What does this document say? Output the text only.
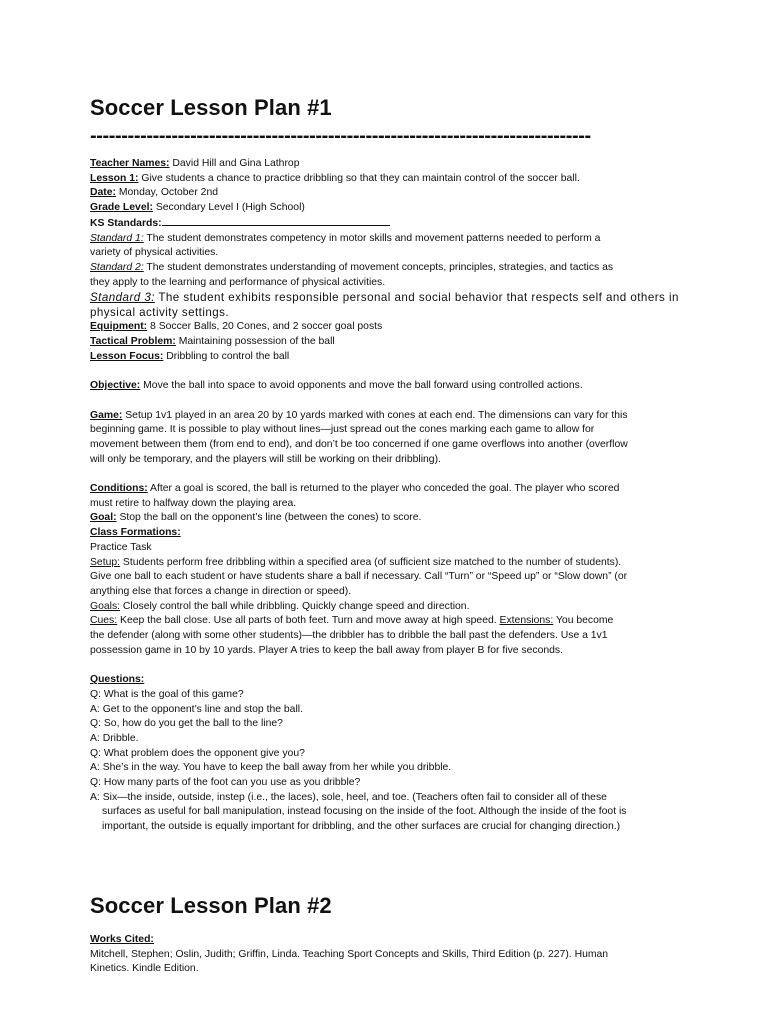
Soccer Lesson Plan #1
--------------------------------------------------------------------------------
Teacher Names: David Hill and Gina Lathrop
Lesson 1: Give students a chance to practice dribbling so that they can maintain control of the soccer ball.
Date: Monday, October 2nd
Grade Level: Secondary Level I (High School)
KS Standards:
Standard 1: The student demonstrates competency in motor skills and movement patterns needed to perform a
variety of physical activities.
Standard 2: The student demonstrates understanding of movement concepts, principles, strategies, and tactics as
they apply to the learning and performance of physical activities.
Standard 3: The student exhibits responsible personal and social behavior that respects self and others in
physical activity settings.
Equipment: 8 Soccer Balls, 20 Cones, and 2 soccer goal posts
Tactical Problem: Maintaining possession of the ball
Lesson Focus: Dribbling to control the ball
Objective: Move the ball into space to avoid opponents and move the ball forward using controlled actions.
Game: Setup 1v1 played in an area 20 by 10 yards marked with cones at each end. The dimensions can vary for this
beginning game. It is possible to play without lines—just spread out the cones marking each game to allow for
movement between them (from end to end), and don’t be too concerned if one game overflows into another (overflow
will only be temporary, and the players will still be working on their dribbling).
Conditions: After a goal is scored, the ball is returned to the player who conceded the goal. The player who scored
must retire to halfway down the playing area.
Goal: Stop the ball on the opponent’s line (between the cones) to score.
Class Formations:
Practice Task
Setup: Students perform free dribbling within a specified area (of sufficient size matched to the number of students).
Give one ball to each student or have students share a ball if necessary. Call “Turn” or “Speed up” or “Slow down” (or
anything else that forces a change in direction or speed).
Goals: Closely control the ball while dribbling. Quickly change speed and direction.
Cues: Keep the ball close. Use all parts of both feet. Turn and move away at high speed. Extensions: You become
the defender (along with some other students)—the dribbler has to dribble the ball past the defenders. Use a 1v1
possession game in 10 by 10 yards. Player A tries to keep the ball away from player B for five seconds.
Questions:
Q: What is the goal of this game?
A: Get to the opponent’s line and stop the ball.
Q: So, how do you get the ball to the line?
A: Dribble.
Q: What problem does the opponent give you?
A: She’s in the way. You have to keep the ball away from her while you dribble.
Q: How many parts of the foot can you use as you dribble?
A: Six—the inside, outside, instep (i.e., the laces), sole, heel, and toe. (Teachers often fail to consider all of these
surfaces as useful for ball manipulation, instead focusing on the inside of the foot. Although the inside of the foot is
important, the outside is equally important for dribbling, and the other surfaces are crucial for changing direction.)
Soccer Lesson Plan #2
Works Cited:
Mitchell, Stephen; Oslin, Judith; Griffin, Linda. Teaching Sport Concepts and Skills, Third Edition (p. 227). Human
Kinetics. Kindle Edition.
